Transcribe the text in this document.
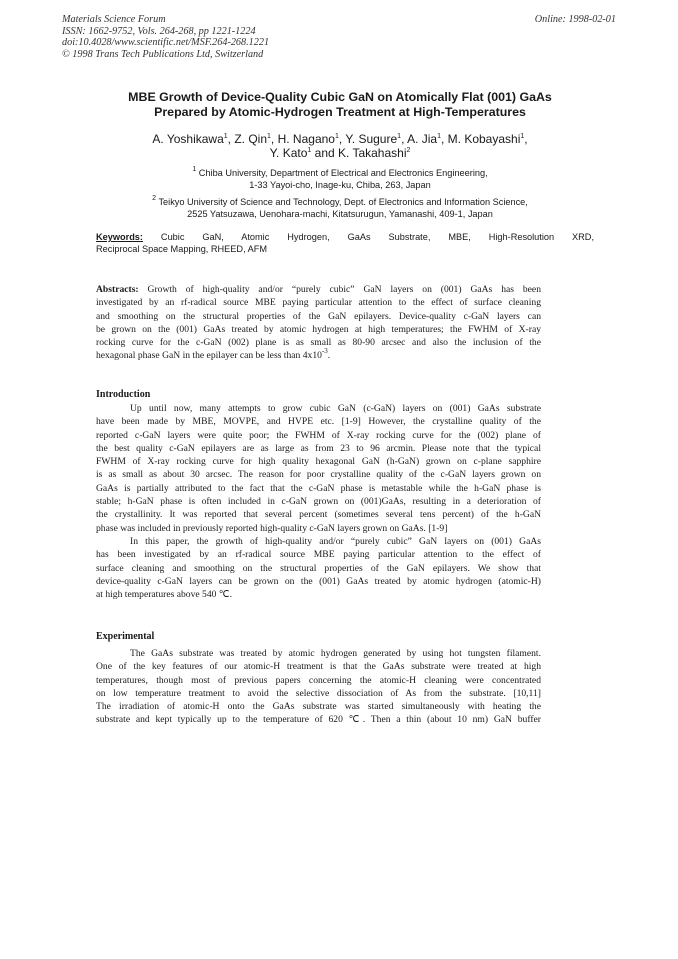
Materials Science Forum
ISSN: 1662-9752, Vols. 264-268, pp 1221-1224
doi:10.4028/www.scientific.net/MSF.264-268.1221
© 1998 Trans Tech Publications Ltd, Switzerland
Online: 1998-02-01
MBE Growth of Device-Quality Cubic GaN on Atomically Flat (001) GaAs
Prepared by Atomic-Hydrogen Treatment at High-Temperatures
A. Yoshikawa$^1$, Z. Qin$^1$, H. Nagano$^1$, Y. Sugure$^1$, A. Jia$^1$, M. Kobayashi$^1$,
Y. Kato$^1$ and K. Takahashi$^2$
$^1$ Chiba University, Department of Electrical and Electronics Engineering,
1-33 Yayoi-cho, Inage-ku, Chiba, 263, Japan
$^2$ Teikyo University of Science and Technology, Dept. of Electronics and Information Science,
2525 Yatsuzawa, Uenohara-machi, Kitatsurugun, Yamanashi, 409-1, Japan
Keywords: Cubic GaN, Atomic Hydrogen, GaAs Substrate, MBE, High-Resolution XRD,
Reciprocal Space Mapping, RHEED, AFM
Abstracts: Growth of high-quality and/or “purely cubic” GaN layers on (001) GaAs has been
investigated by an rf-radical source MBE paying particular attention to the effect of surface cleaning
and smoothing on the structural properties of the GaN epilayers. Device-quality c-GaN layers can
be grown on the (001) GaAs treated by atomic hydrogen at high temperatures; the FWHM of X-ray
rocking curve for the c-GaN (002) plane is as small as 80-90 arcsec and also the inclusion of the
hexagonal phase GaN in the epilayer can be less than $4x10^{-3}$.
Introduction
Up until now, many attempts to grow cubic GaN (c-GaN) layers on (001) GaAs substrate
have been made by MBE, MOVPE, and HVPE etc. [1-9] However, the crystalline quality of the
reported c-GaN layers were quite poor; the FWHM of X-ray rocking curve for the (002) plane of
the best quality c-GaN epilayers are as large as from 23 to 96 arcmin. Please note that the typical
FWHM of X-ray rocking curve for high quality hexagonal GaN (h-GaN) grown on c-plane sapphire
is as small as about 30 arcsec. The reason for poor crystalline quality of the c-GaN layers grown on
GaAs is partially attributed to the fact that the c-GaN phase is metastable while the h-GaN phase is
stable; h-GaN phase is often included in c-GaN grown on (001)GaAs, resulting in a deterioration of
the crystallinity. It was reported that several percent (sometimes several tens percent) of the h-GaN
phase was included in previously reported high-quality c-GaN layers grown on GaAs. [1-9]
In this paper, the growth of high-quality and/or “purely cubic” GaN layers on (001) GaAs
has been investigated by an rf-radical source MBE paying particular attention to the effect of
surface cleaning and smoothing on the structural properties of the GaN epilayers. We show that
device-quality c-GaN layers can be grown on the (001) GaAs treated by atomic hydrogen (atomic-H)
at high temperatures above 540 ℃.
Experimental
The GaAs substrate was treated by atomic hydrogen generated by using hot tungsten filament.
One of the key features of our atomic-H treatment is that the GaAs substrate were treated at high
temperatures, though most of previous papers concerning the atomic-H cleaning were concentrated
on low temperature treatment to avoid the selective dissociation of As from the substrate. [10,11]
The irradiation of atomic-H onto the GaAs substrate was started simultaneously with heating the
substrate and kept typically up to the temperature of 620 ℃. Then a thin (about 10 nm) GaN buffer
